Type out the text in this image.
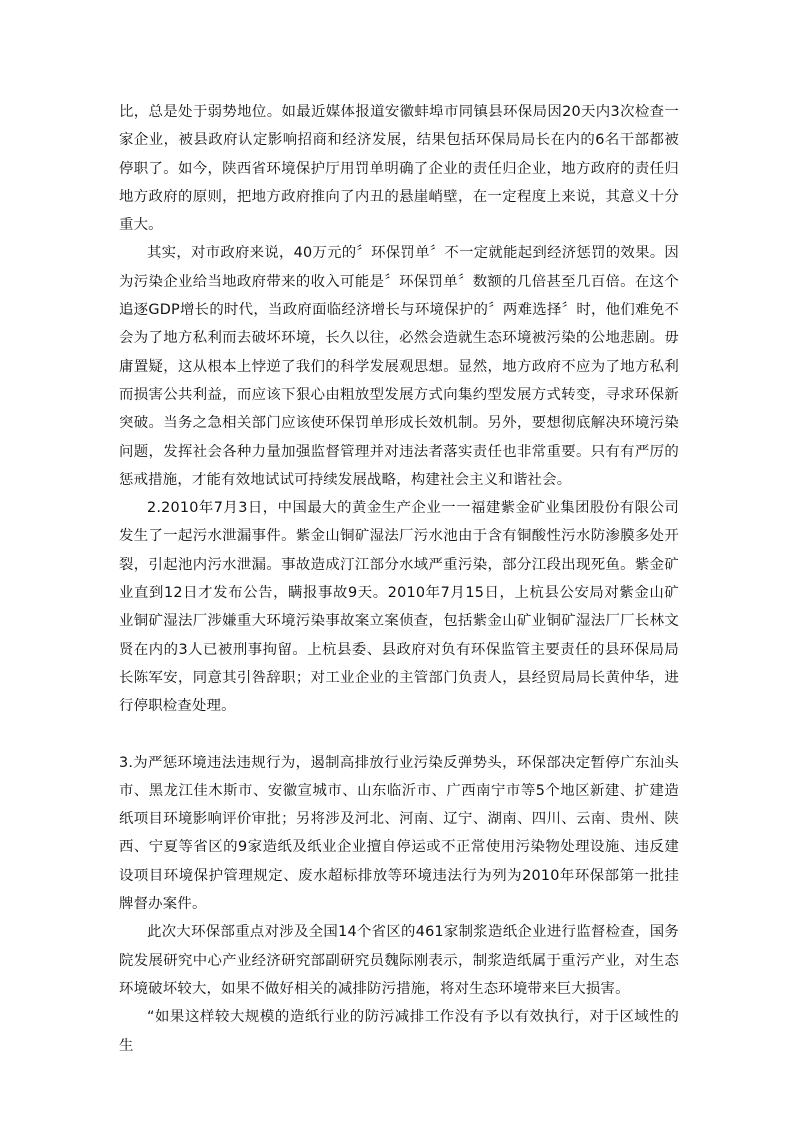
比，总是处于弱势地位。如最近媒体报道安徽蚌埠市同镇县环保局因20天内3次检查一家企业，被县政府认定影响招商和经济发展，结果包括环保局局长在内的6名干部都被停职了。如今，陕西省环境保护厅用罚单明确了企业的责任归企业，地方政府的责任归地方政府的原则，把地方政府推向了内丑的悬崖峭壁，在一定程度上来说，其意义十分重大。

其实，对市政府来说，40万元的〞环保罚单〞不一定就能起到经济惩罚的效果。因为污染企业给当地政府带来的收入可能是〞环保罚单〞数额的几倍甚至几百倍。在这个追逐GDP增长的时代，当政府面临经济增长与环境保护的〞两难选择〞时，他们难免不会为了地方私利而去破坏环境，长久以往，必然会造就生态环境被污染的公地悲剧。毋庸置疑，这从根本上悖逆了我们的科学发展观思想。显然，地方政府不应为了地方私利而损害公共利益，而应该下狠心由粗放型发展方式向集约型发展方式转变，寻求环保新突破。当务之急相关部门应该使环保罚单形成长效机制。另外，要想彻底解决环境污染问题，发挥社会各种力量加强监督管理并对违法者落实责任也非常重要。只有有严厉的惩戒措施，才能有效地试试可持续发展战略，构建社会主义和谐社会。

2.2010年7月3日，中国最大的黄金生产企业一一福建紫金矿业集团股份有限公司发生了一起污水泄漏事件。紫金山铜矿湿法厂污水池由于含有铜酸性污水防渗膜多处开裂，引起池内污水泄漏。事故造成汀江部分水域严重污染，部分江段出现死鱼。紫金矿业直到12日才发布公告，瞒报事故9天。2010年7月15日，上杭县公安局对紫金山矿业铜矿湿法厂涉嫌重大环境污染事故案立案侦查，包括紫金山矿业铜矿湿法厂厂长林文贤在内的3人已被刑事拘留。上杭县委、县政府对负有环保监管主要责任的县环保局局长陈军安，同意其引咎辞职；对工业企业的主管部门负责人，县经贸局局长黄仲华，进行停职检查处理。

3.为严惩环境违法违规行为，遏制高排放行业污染反弹势头，环保部决定暂停广东汕头市、黑龙江佳木斯市、安徽宣城市、山东临沂市、广西南宁市等5个地区新建、扩建造纸项目环境影响评价审批；另将涉及河北、河南、辽宁、湖南、四川、云南、贵州、陕西、宁夏等省区的9家造纸及纸业企业擅自停运或不正常使用污染物处理设施、违反建设项目环境保护管理规定、废水超标排放等环境违法行为列为2010年环保部第一批挂牌督办案件。

此次大环保部重点对涉及全国14个省区的461家制浆造纸企业进行监督检查，国务院发展研究中心产业经济研究部副研究员魏际刚表示，制浆造纸属于重污产业，对生态环境破坏较大，如果不做好相关的减排防污措施，将对生态环境带来巨大损害。

“如果这样较大规模的造纸行业的防污减排工作没有予以有效执行，对于区域性的生
